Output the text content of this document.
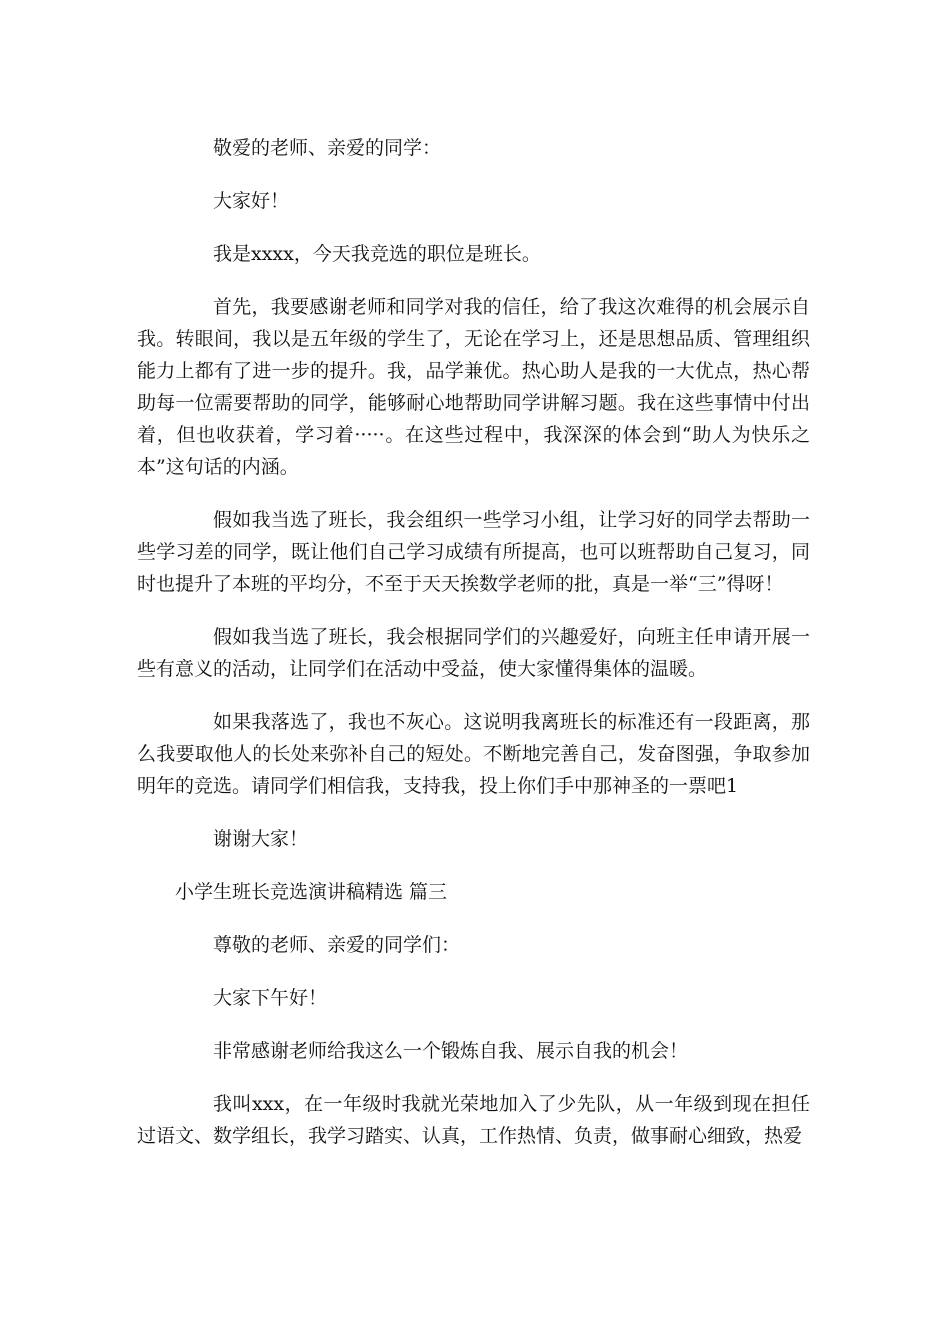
敬爱的老师、亲爱的同学：

大家好！

我是xxxx，今天我竞选的职位是班长。

首先，我要感谢老师和同学对我的信任，给了我这次难得的机会展示自我。转眼间，我以是五年级的学生了，无论在学习上，还是思想品质、管理组织能力上都有了进一步的提升。我，品学兼优。热心助人是我的一大优点，热心帮助每一位需要帮助的同学，能够耐心地帮助同学讲解习题。我在这些事情中付出着，但也收获着，学习着·····。在这些过程中，我深深的体会到“助人为快乐之本”这句话的内涵。

假如我当选了班长，我会组织一些学习小组，让学习好的同学去帮助一些学习差的同学，既让他们自己学习成绩有所提高，也可以班帮助自己复习，同时也提升了本班的平均分，不至于天天挨数学老师的批，真是一举“三”得呀！

假如我当选了班长，我会根据同学们的兴趣爱好，向班主任申请开展一些有意义的活动，让同学们在活动中受益，使大家懂得集体的温暖。

如果我落选了，我也不灰心。这说明我离班长的标准还有一段距离，那么我要取他人的长处来弥补自己的短处。不断地完善自己，发奋图强，争取参加明年的竞选。请同学们相信我，支持我，投上你们手中那神圣的一票吧1

谢谢大家！

小学生班长竞选演讲稿精选 篇三

尊敬的老师、亲爱的同学们：

大家下午好！

非常感谢老师给我这么一个锻炼自我、展示自我的机会！

我叫xxx，在一年级时我就光荣地加入了少先队，从一年级到现在担任过语文、数学组长，我学习踏实、认真，工作热情、负责，做事耐心细致，热爱
